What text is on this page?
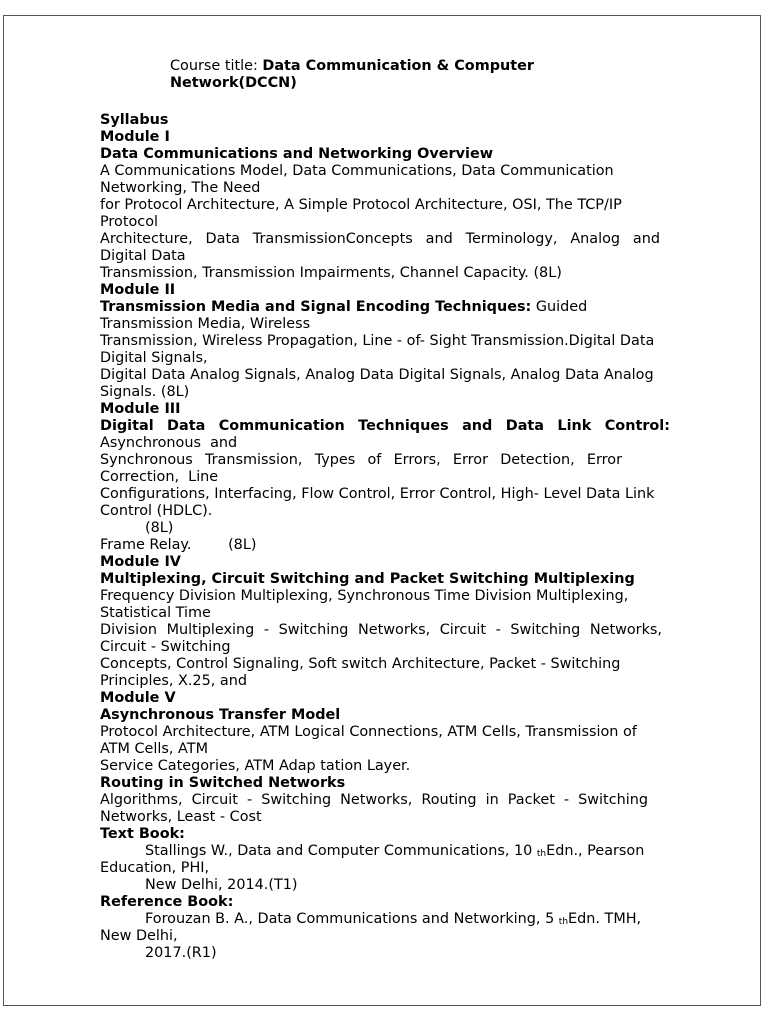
Course title: Data Communication & Computer
Network(DCCN)
Syllabus
Module I
Data Communications and Networking Overview
A Communications Model, Data Communications, Data Communication
Networking, The Need
for Protocol Architecture, A Simple Protocol Architecture, OSI, The TCP/IP
Protocol
Architecture, Data TransmissionConcepts and Terminology, Analog and
Digital Data
Transmission, Transmission Impairments, Channel Capacity. (8L)
Module II
Transmission Media and Signal Encoding Techniques: Guided
Transmission Media, Wireless
Transmission, Wireless Propagation, Line - of- Sight Transmission.Digital Data
Digital Signals,
Digital Data Analog Signals, Analog Data Digital Signals, Analog Data Analog
Signals. (8L)
Module III
Digital Data Communication Techniques and Data Link Control:
Asynchronous  and
Synchronous Transmission, Types of Errors, Error Detection, Error
Correction,  Line
Configurations, Interfacing, Flow Control, Error Control, High- Level Data Link
Control (HDLC).
(8L)
Frame Relay.        (8L)
Module IV
Multiplexing, Circuit Switching and Packet Switching Multiplexing
Frequency Division Multiplexing, Synchronous Time Division Multiplexing,
Statistical Time
Division Multiplexing - Switching Networks, Circuit - Switching Networks,
Circuit - Switching
Concepts, Control Signaling, Soft switch Architecture, Packet - Switching
Principles, X.25, and
Module V
Asynchronous Transfer Model
Protocol Architecture, ATM Logical Connections, ATM Cells, Transmission of
ATM Cells, ATM
Service Categories, ATM Adap tation Layer.
Routing in Switched Networks
Algorithms, Circuit - Switching Networks, Routing in Packet - Switching
Networks, Least - Cost
Text Book:
Stallings W., Data and Computer Communications, 10 $^{th}$Edn., Pearson
Education, PHI,
New Delhi, 2014.(T1)
Reference Book:
Forouzan B. A., Data Communications and Networking, 5 $^{th}$Edn. TMH,
New Delhi,
2017.(R1)
